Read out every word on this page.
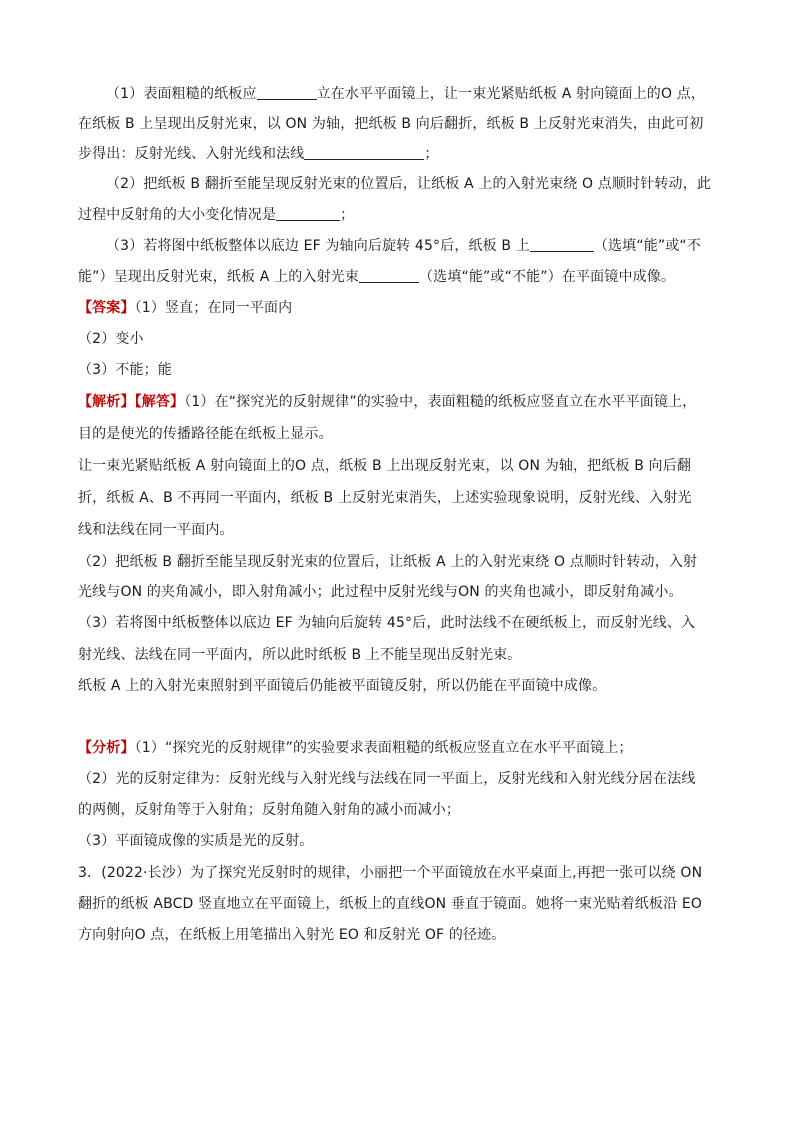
（1）表面粗糙的纸板应	立在水平平面镜上，让一束光紧贴纸板 A 射向镜面上的O 点，
在纸板 B 上呈现出反射光束，以 ON 为轴，把纸板 B 向后翻折，纸板 B 上反射光束消失，由此可初
步得出：反射光线、入射光线和法线	；
（2）把纸板 B 翻折至能呈现反射光束的位置后，让纸板 A 上的入射光束绕 O 点顺时针转动，此
过程中反射角的大小变化情况是	；
（3）若将图中纸板整体以底边 EF 为轴向后旋转 45°后，纸板 B 上	（选填“能”或“不
能”）呈现出反射光束，纸板 A 上的入射光束	（选填“能”或“不能”）在平面镜中成像。
【答案】（1）竖直；在同一平面内
（2）变小
（3）不能；能
【解析】【解答】（1）在“探究光的反射规律”的实验中，表面粗糙的纸板应竖直立在水平平面镜上，
目的是使光的传播路径能在纸板上显示。
让一束光紧贴纸板 A 射向镜面上的O 点，纸板 B 上出现反射光束，以 ON 为轴，把纸板 B 向后翻
折，纸板 A、B 不再同一平面内，纸板 B 上反射光束消失，上述实验现象说明，反射光线、入射光
线和法线在同一平面内。
（2）把纸板 B 翻折至能呈现反射光束的位置后，让纸板 A 上的入射光束绕 O 点顺时针转动，入射
光线与ON 的夹角减小，即入射角减小；此过程中反射光线与ON 的夹角也减小，即反射角减小。
（3）若将图中纸板整体以底边 EF 为轴向后旋转 45°后，此时法线不在硬纸板上，而反射光线、入
射光线、法线在同一平面内，所以此时纸板 B 上不能呈现出反射光束。
纸板 A 上的入射光束照射到平面镜后仍能被平面镜反射，所以仍能在平面镜中成像。
【分析】（1）“探究光的反射规律”的实验要求表面粗糙的纸板应竖直立在水平平面镜上；
（2）光的反射定律为：反射光线与入射光线与法线在同一平面上，反射光线和入射光线分居在法线
的两侧，反射角等于入射角；反射角随入射角的减小而减小；
（3）平面镜成像的实质是光的反射。
3．(2022·长沙）为了探究光反射时的规律，小丽把一个平面镜放在水平桌面上,再把一张可以绕 ON
翻折的纸板 ABCD 竖直地立在平面镜上，纸板上的直线ON 垂直于镜面。她将一束光贴着纸板沿 EO
方向射向O 点，在纸板上用笔描出入射光 EO 和反射光 OF 的径迹。
